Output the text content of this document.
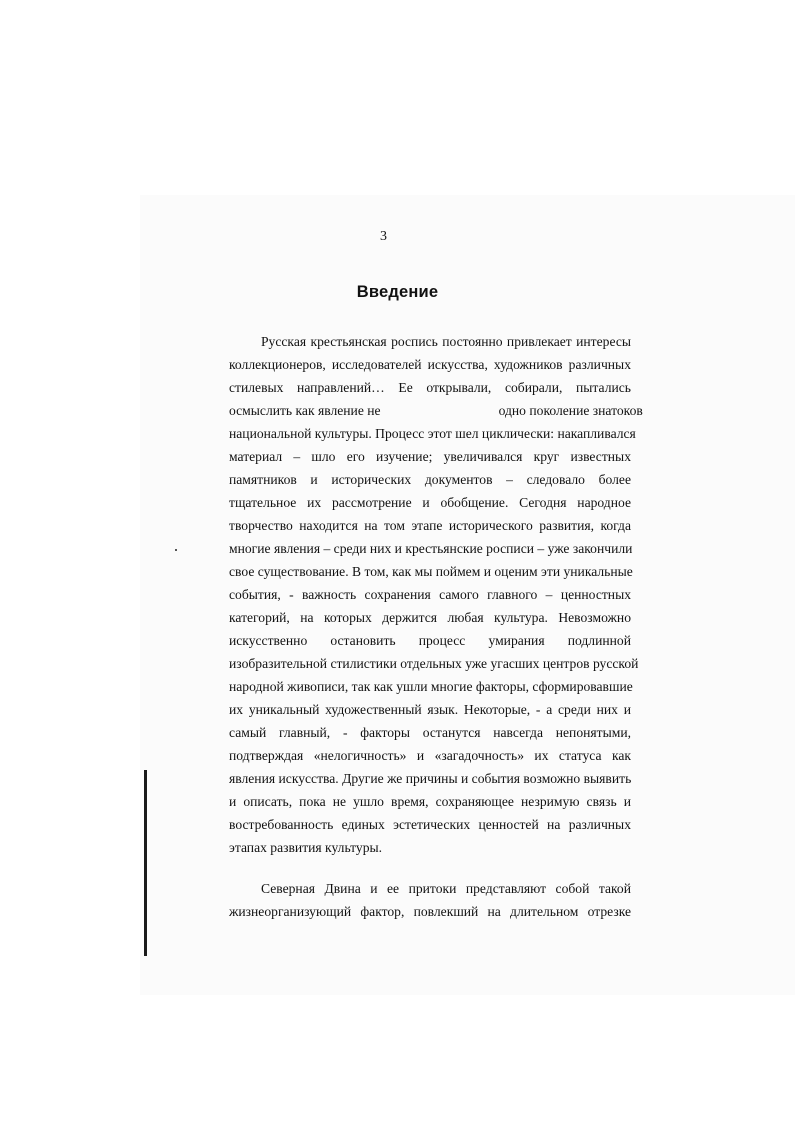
3
Введение
Русская крестьянская роспись постоянно привлекает интересы
коллекционеров, исследователей искусства, художников различных
стилевых направлений… Ее открывали, собирали, пытались
осмыслить как явление не	одно поколение знатоков
национальной культуры. Процесс этот шел циклически: накапливался
материал – шло его изучение; увеличивался круг известных
памятников и исторических документов – следовало более
тщательное их рассмотрение и обобщение. Сегодня народное
творчество находится на том этапе исторического развития, когда
многие явления – среди них и крестьянские росписи – уже закончили
свое существование. В том, как мы поймем и оценим эти уникальные
события, - важность сохранения самого главного – ценностных
категорий, на которых держится любая культура. Невозможно
искусственно остановить процесс умирания подлинной
изобразительной стилистики отдельных уже угасших центров русской
народной живописи, так как ушли многие факторы, сформировавшие
их уникальный художественный язык. Некоторые, - а среди них и
самый главный, - факторы останутся навсегда непонятыми,
подтверждая «нелогичность» и «загадочность» их статуса как
явления искусства. Другие же причины и события возможно выявить
и описать, пока не ушло время, сохраняющее незримую связь и
востребованность единых эстетических ценностей на различных
этапах развития культуры.
Северная Двина и ее притоки представляют собой такой
жизнеорганизующий фактор, повлекший на длительном отрезке
